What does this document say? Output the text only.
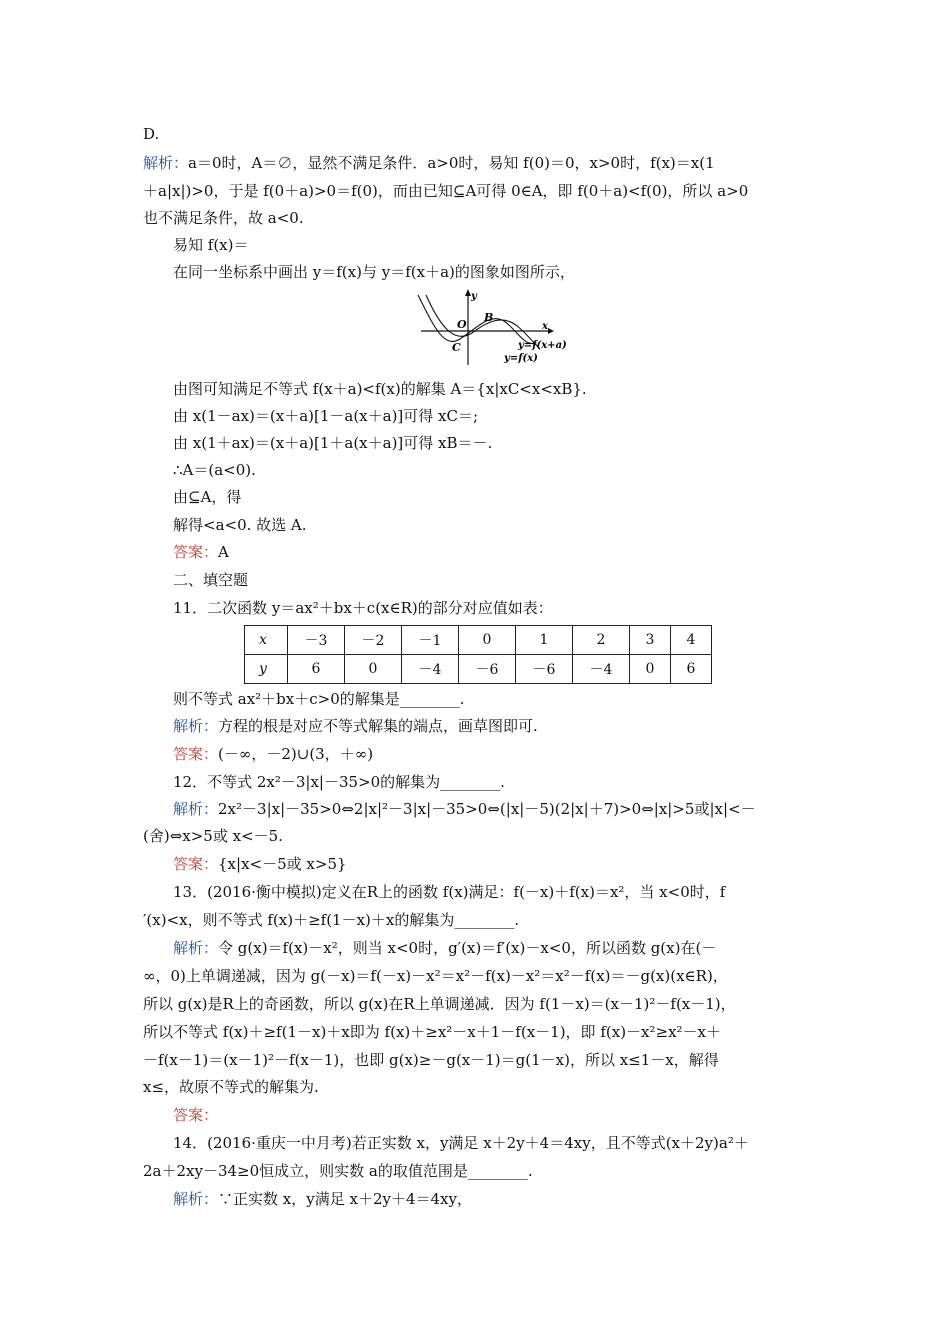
D.
解析：a＝0时，A＝∅，显然不满足条件．a>0时，易知 f(0)＝0，x>0时，f(x)＝x(1
＋a|x|)>0，于是 f(0＋a)>0＝f(0)，而由已知⊆A可得 0∈A，即 f(0＋a)<f(0)，所以 a>0
也不满足条件，故 a<0.
易知 f(x)＝
在同一坐标系中画出 y＝f(x)与 y＝f(x＋a)的图象如图所示，
y
x
O
B
C	y=f(x+a)
y=f(x)
由图可知满足不等式 f(x＋a)<f(x)的解集 A＝{x|xC<x<xB}.
由 x(1－ax)＝(x＋a)[1－a(x＋a)]可得 xC＝;
由 x(1＋ax)＝(x＋a)[1＋a(x＋a)]可得 xB＝－.
∴A＝(a<0).
由⊆A，得
解得<a<0. 故选 A.
答案：A
二、填空题
11．二次函数 y＝ax²＋bx＋c(x∈R)的部分对应值如表：
x	－3	－2	－1	0	1	2	3	4
y	6	0	－4	－6	－6	－4	0	6
则不等式 ax²＋bx＋c>0的解集是________.
解析：方程的根是对应不等式解集的端点，画草图即可.
答案：(－∞，－2)∪(3，＋∞)
12．不等式 2x²－3|x|－35>0的解集为________.
解析：2x²－3|x|－35>0⇔2|x|²－3|x|－35>0⇔(|x|－5)(2|x|＋7)>0⇔|x|>5或|x|<－
(舍)⇔x>5或 x<－5.
答案：{x|x<－5或 x>5}
13．(2016·衡中模拟)定义在R上的函数 f(x)满足：f(－x)＋f(x)＝x²，当 x<0时，f
′(x)<x，则不等式 f(x)＋≥f(1－x)＋x的解集为________.
解析：令 g(x)＝f(x)－x²，则当 x<0时，g′(x)＝f′(x)－x<0，所以函数 g(x)在(－
∞，0)上单调递减，因为 g(－x)＝f(－x)－x²＝x²－f(x)－x²＝x²－f(x)＝－g(x)(x∈R)，
所以 g(x)是R上的奇函数，所以 g(x)在R上单调递减．因为 f(1－x)＝(x－1)²－f(x－1)，
所以不等式 f(x)＋≥f(1－x)＋x即为 f(x)＋≥x²－x＋1－f(x－1)，即 f(x)－x²≥x²－x＋
－f(x－1)＝(x－1)²－f(x－1)，也即 g(x)≥－g(x－1)＝g(1－x)，所以 x≤1－x，解得
x≤，故原不等式的解集为.
答案：
14．(2016·重庆一中月考)若正实数 x，y满足 x＋2y＋4＝4xy，且不等式(x＋2y)a²＋
2a＋2xy－34≥0恒成立，则实数 a的取值范围是________.
解析：∵正实数 x，y满足 x＋2y＋4＝4xy，
